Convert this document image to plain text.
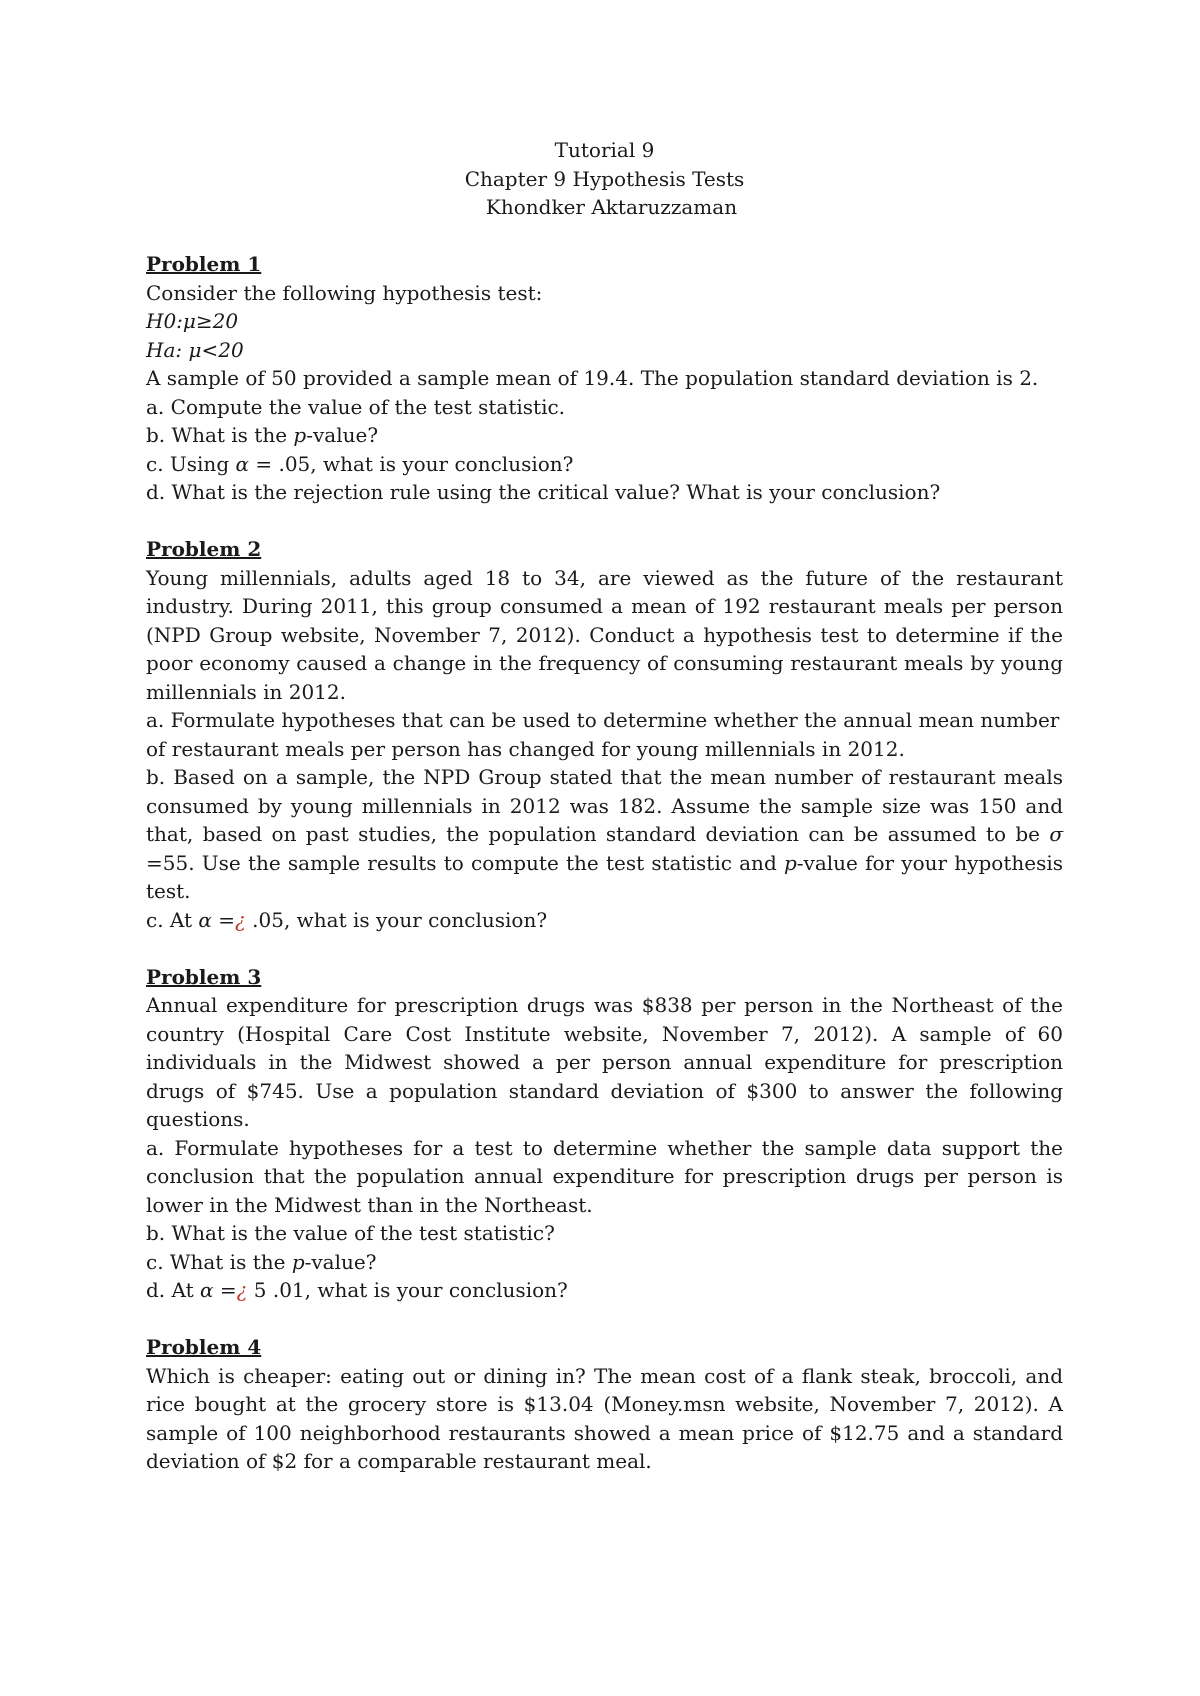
Tutorial 9
Chapter 9 Hypothesis Tests
Khondker Aktaruzzaman
Problem 1

Consider the following hypothesis test:

H0:μ≥20

Ha: μ<20

A sample of 50 provided a sample mean of 19.4. The population standard deviation is 2.

a. Compute the value of the test statistic.

b. What is the p-value?

c. Using α = .05, what is your conclusion?

d. What is the rejection rule using the critical value? What is your conclusion?

Problem 2

Young millennials, adults aged 18 to 34, are viewed as the future of the restaurant industry. During 2011, this group consumed a mean of 192 restaurant meals per person (NPD Group website, November 7, 2012). Conduct a hypothesis test to determine if the poor economy caused a change in the frequency of consuming restaurant meals by young millennials in 2012.

a. Formulate hypotheses that can be used to determine whether the annual mean number

of restaurant meals per person has changed for young millennials in 2012.

b. Based on a sample, the NPD Group stated that the mean number of restaurant meals consumed by young millennials in 2012 was 182. Assume the sample size was 150 and that, based on past studies, the population standard deviation can be assumed to be σ =55. Use the sample results to compute the test statistic and p-value for your hypothesis test.

c. At α =¿ .05, what is your conclusion?

Problem 3

Annual expenditure for prescription drugs was $838 per person in the Northeast of the country (Hospital Care Cost Institute website, November 7, 2012). A sample of 60 individuals in the Midwest showed a per person annual expenditure for prescription drugs of $745. Use a population standard deviation of $300 to answer the following questions.

a. Formulate hypotheses for a test to determine whether the sample data support the conclusion that the population annual expenditure for prescription drugs per person is lower in the Midwest than in the Northeast.

b. What is the value of the test statistic?

c. What is the p-value?

d. At α =¿ 5 .01, what is your conclusion?

Problem 4

Which is cheaper: eating out or dining in? The mean cost of a flank steak, broccoli, and rice bought at the grocery store is $13.04 (Money.msn website, November 7, 2012). A sample of 100 neighborhood restaurants showed a mean price of $12.75 and a standard deviation of $2 for a comparable restaurant meal.
